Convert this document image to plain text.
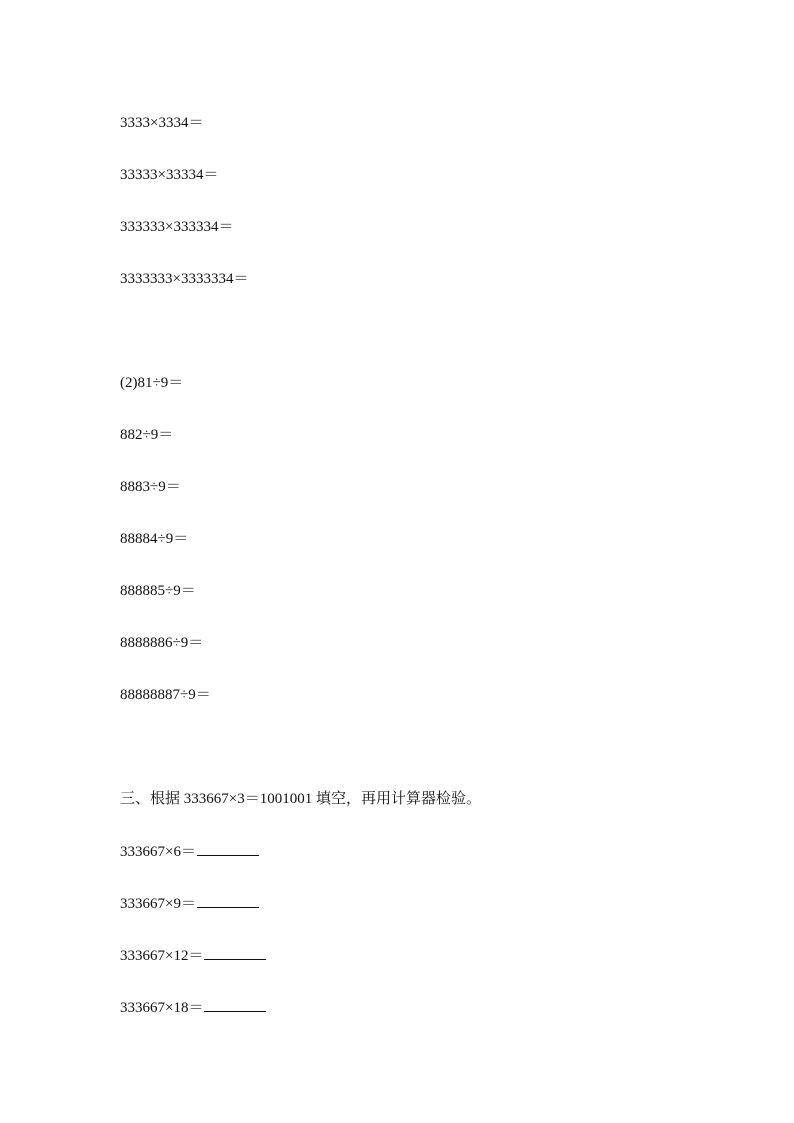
3333×3334＝
33333×33334＝
333333×333334＝
3333333×3333334＝
(2)81÷9＝
882÷9＝
8883÷9＝
88884÷9＝
888885÷9＝
8888886÷9＝
88888887÷9＝
三、根据 333667×3＝1001001 填空，再用计算器检验。
333667×6＝
333667×9＝
333667×12＝
333667×18＝
